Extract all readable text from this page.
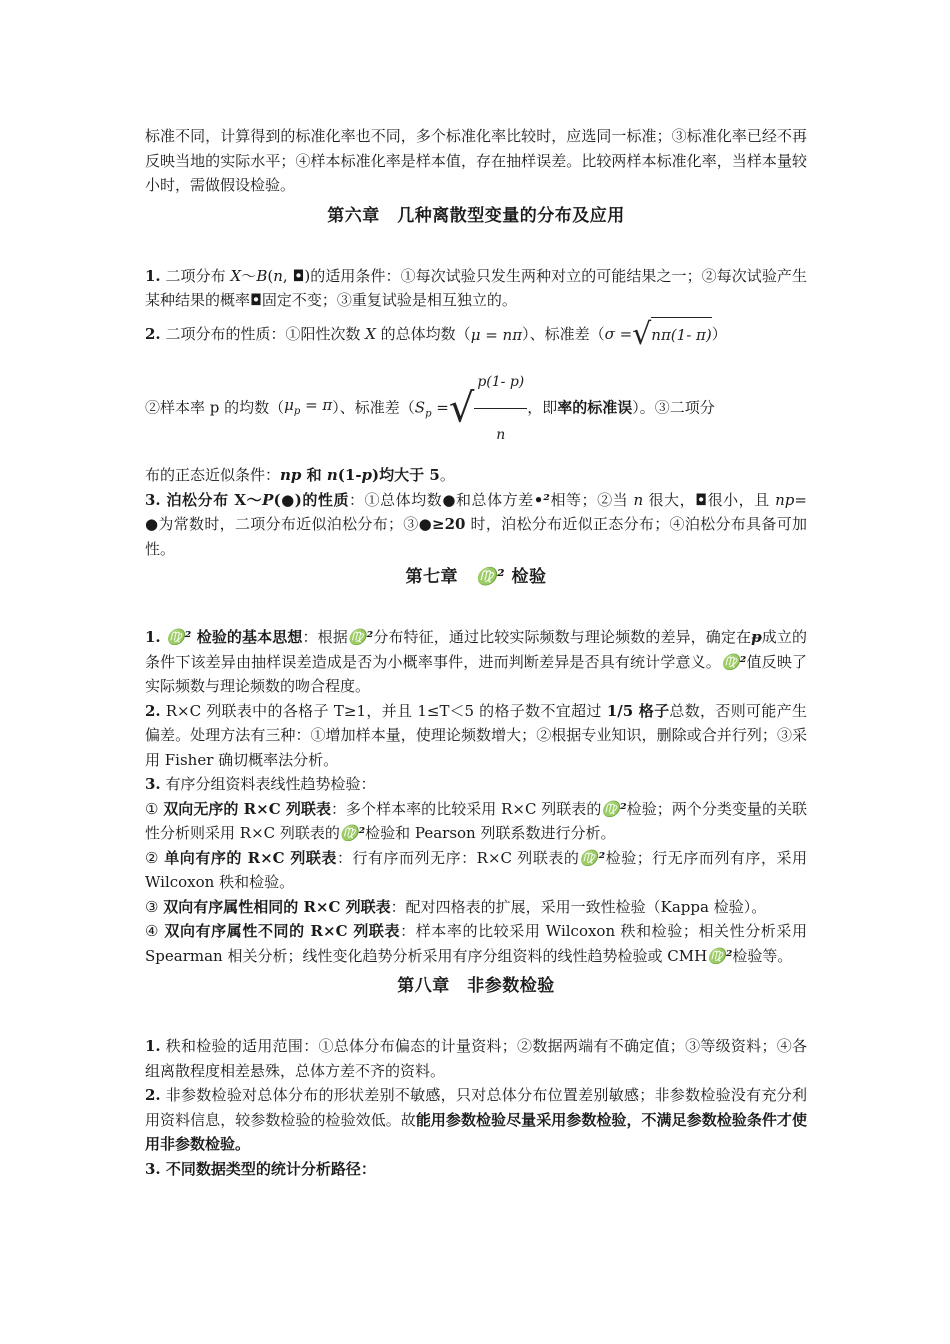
标准不同，计算得到的标准化率也不同，多个标准化率比较时，应选同一标准；③标准化率已经不再反映当地的实际水平；④样本标准化率是样本值，存在抽样误差。比较两样本标准化率，当样本量较小时，需做假设检验。

第六章　几种离散型变量的分布及应用

1. 二项分布 X～B(n, ◘)的适用条件：①每次试验只发生两种对立的可能结果之一；②每次试验产生某种结果的概率◘固定不变；③重复试验是相互独立的。

2. 二项分布的性质：①阳性次数 X 的总体均数（μ = nπ）、标准差（σ =√nπ(1- π)）

②样本率 p 的均数$(\mu_p = \pi)$、标准差（$S_p$ =√ $\frac{p(1- p)}{n}$ ，即率的标准误）。③二项分

布的正态近似条件：np 和 n(1-p)均大于 5。

3. 泊松分布 X～P(●)的性质：①总体均数●和总体方差•²相等；②当 n 很大，◘很小，且 np=　●为常数时，二项分布近似泊松分布；③●≥20 时，泊松分布近似正态分布；④泊松分布具备可加性。

第七章　♍² 检验

1. ♍² 检验的基本思想：根据♍²分布特征，通过比较实际频数与理论频数的差异，确定在ᵽ成立的条件下该差异由抽样误差造成是否为小概率事件，进而判断差异是否具有统计学意义。♍²值反映了实际频数与理论频数的吻合程度。

2. R×C 列联表中的各格子 T≥1，并且 1≤T＜5 的格子数不宜超过 1/5 格子总数，否则可能产生偏差。处理方法有三种：①增加样本量，使理论频数增大；②根据专业知识，删除或合并行列；③采用 Fisher 确切概率法分析。

3. 有序分组资料表线性趋势检验：

① 双向无序的 R×C 列联表：多个样本率的比较采用 R×C 列联表的♍²检验；两个分类变量的关联性分析则采用 R×C 列联表的♍²检验和 Pearson 列联系数进行分析。

② 单向有序的 R×C 列联表：行有序而列无序：R×C 列联表的♍²检验；行无序而列有序，采用 Wilcoxon 秩和检验。

③ 双向有序属性相同的 R×C 列联表：配对四格表的扩展，采用一致性检验（Kappa 检验）。

④ 双向有序属性不同的 R×C 列联表：样本率的比较采用 Wilcoxon 秩和检验；相关性分析采用 Spearman 相关分析；线性变化趋势分析采用有序分组资料的线性趋势检验或 CMH♍²检验等。

第八章　非参数检验

1. 秩和检验的适用范围：①总体分布偏态的计量资料；②数据两端有不确定值；③等级资料；④各组离散程度相差悬殊，总体方差不齐的资料。

2. 非参数检验对总体分布的形状差别不敏感，只对总体分布位置差别敏感；非参数检验没有充分利用资料信息，较参数检验的检验效低。故能用参数检验尽量采用参数检验，不满足参数检验条件才使用非参数检验。

3. 不同数据类型的统计分析路径：
